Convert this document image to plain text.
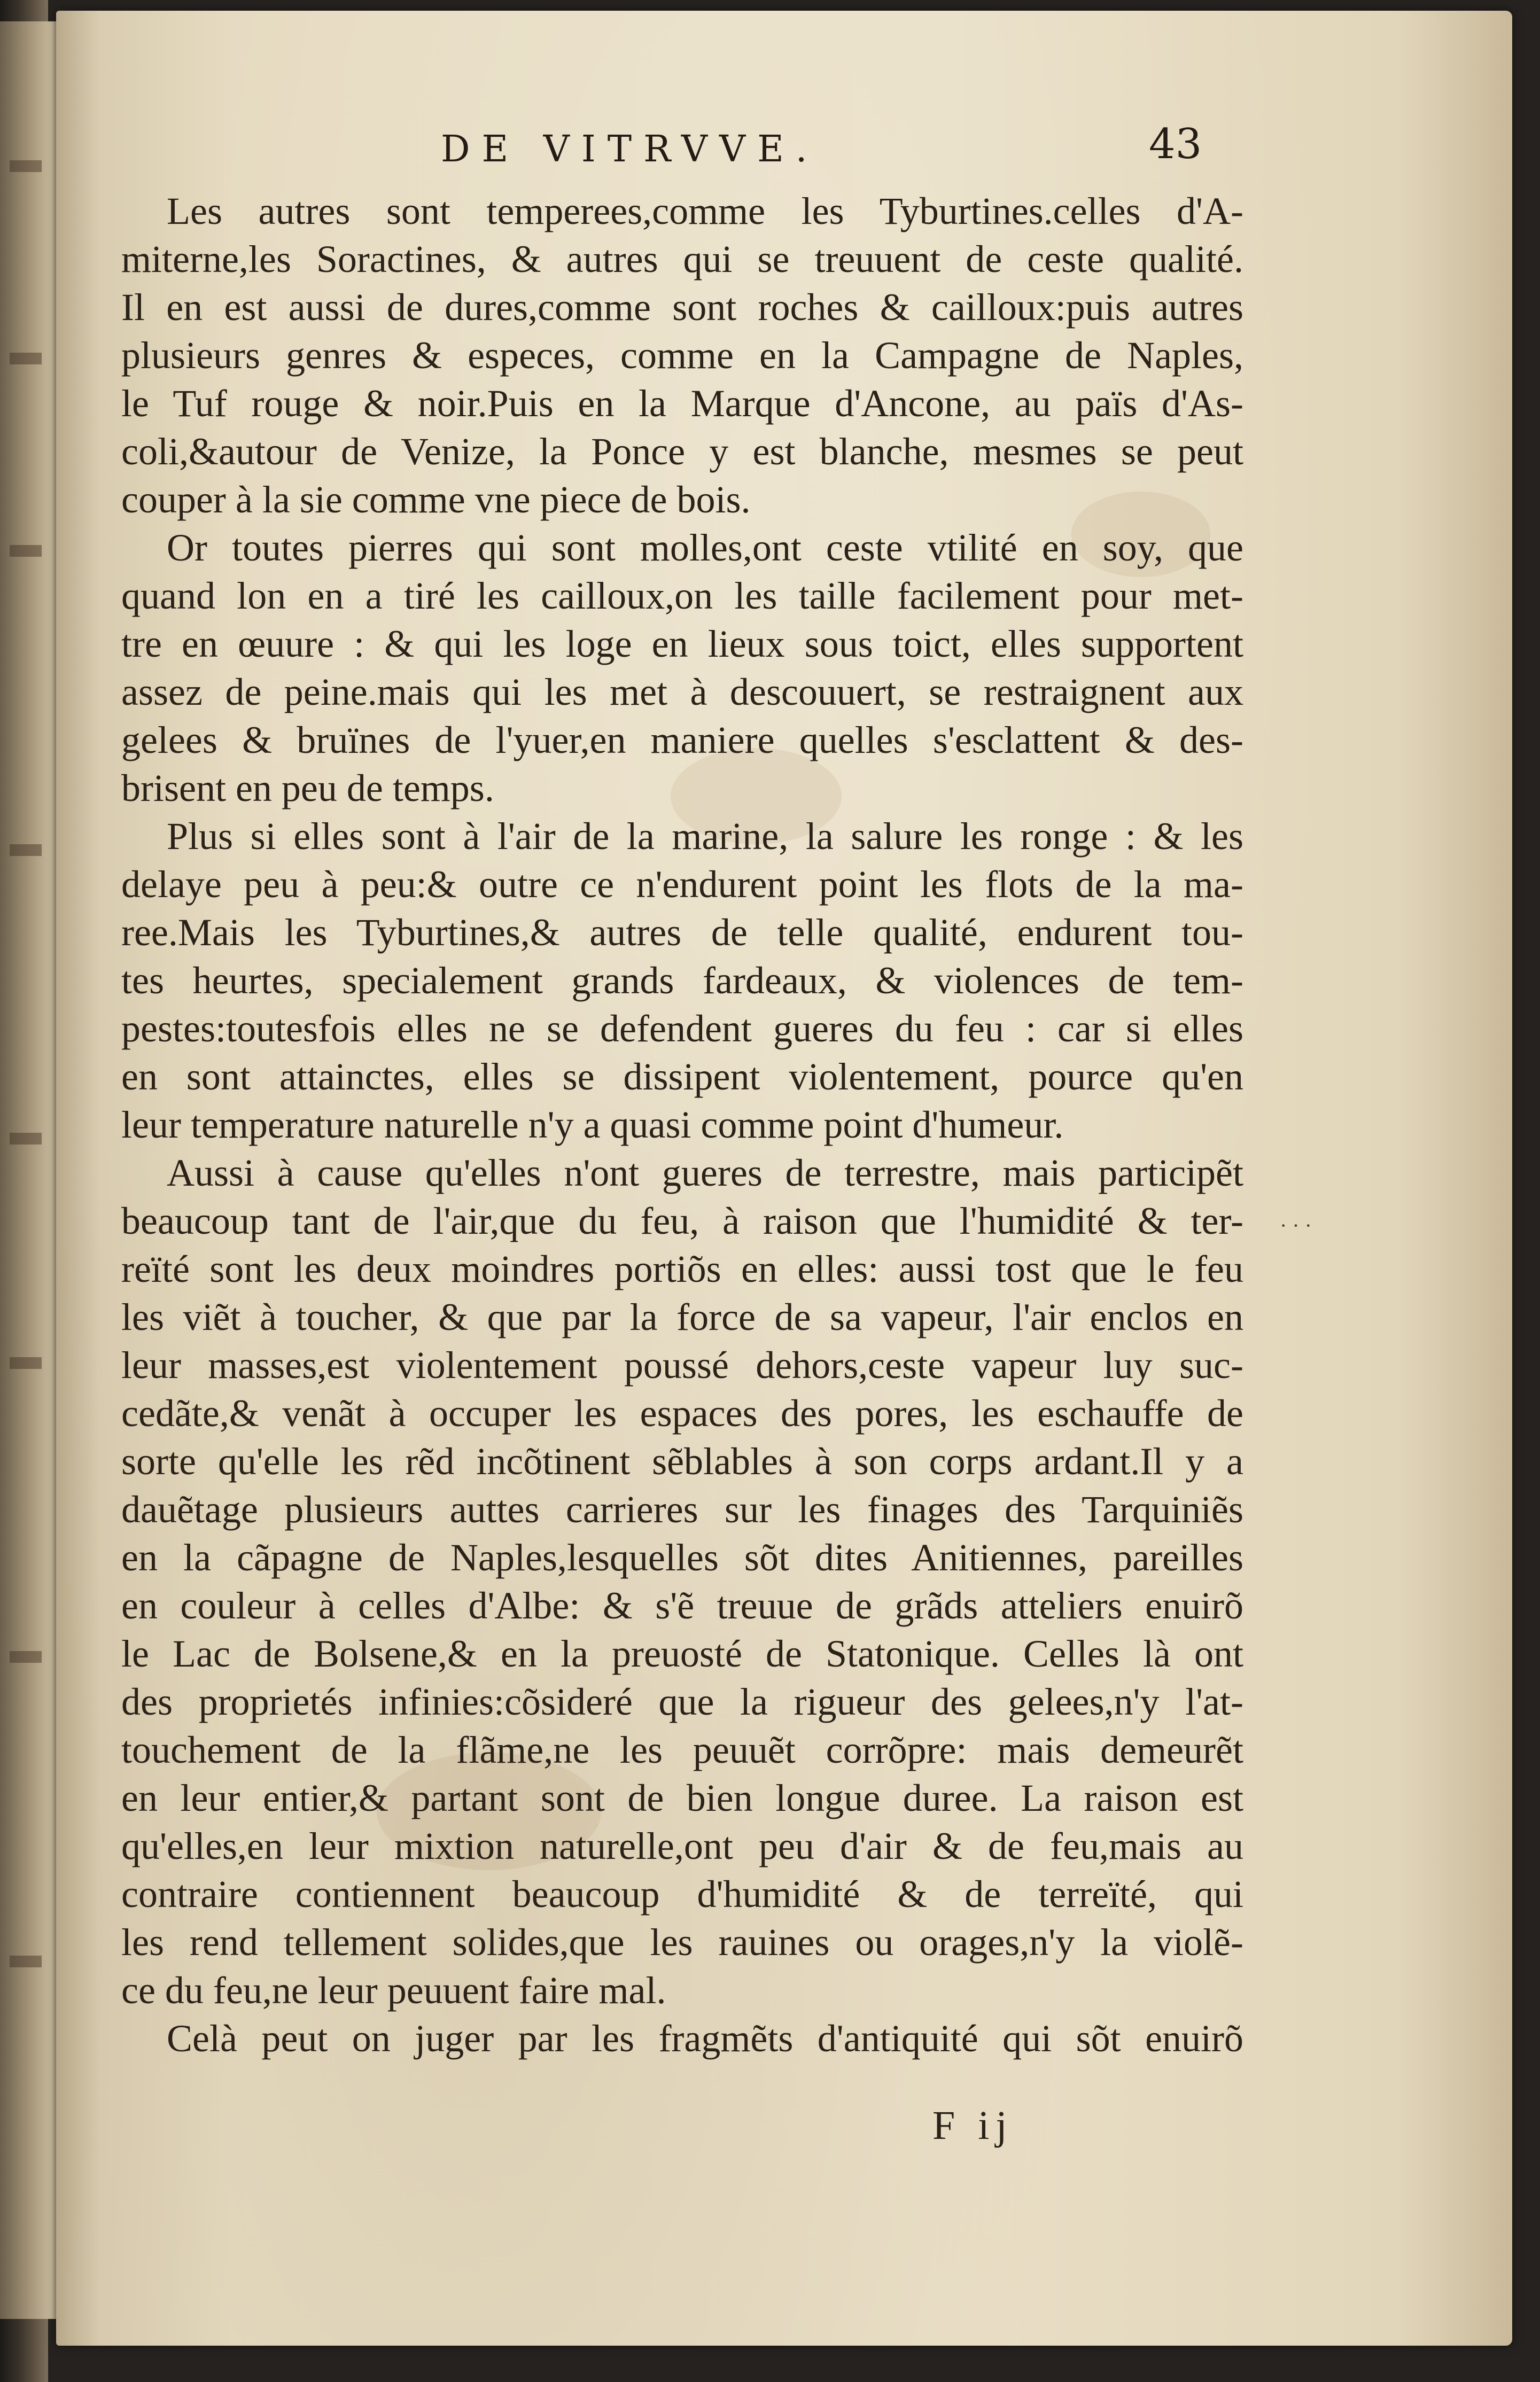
DE VITRVVE.	43
Les autres sont temperees,comme les Tyburtines.celles d'A-
miterne,les Soractines, & autres qui se treuuent de ceste qualité.
Il en est aussi de dures,comme sont roches & cailloux:puis autres
plusieurs genres & especes, comme en la Campagne de Naples,
le Tuf rouge & noir.Puis en la Marque d'Ancone, au païs d'As-
coli,&autour de Venize, la Ponce y est blanche, mesmes se peut
couper à la sie comme vne piece de bois.
Or toutes pierres qui sont molles,ont ceste vtilité en soy, que
quand lon en a tiré les cailloux,on les taille facilement pour met-
tre en œuure : & qui les loge en lieux sous toict, elles supportent
assez de peine.mais qui les met à descouuert, se restraignent aux
gelees & bruïnes de l'yuer,en maniere quelles s'esclattent & des-
brisent en peu de temps.
Plus si elles sont à l'air de la marine, la salure les ronge : & les
delaye peu à peu:& outre ce n'endurent point les flots de la ma-
ree.Mais les Tyburtines,& autres de telle qualité, endurent tou-
tes heurtes, specialement grands fardeaux, & violences de tem-
pestes:toutesfois elles ne se defendent gueres du feu : car si elles
en sont attainctes, elles se dissipent violentement, pource qu'en
leur temperature naturelle n'y a quasi comme point d'humeur.
Aussi à cause qu'elles n'ont gueres de terrestre, mais participẽt
beaucoup tant de l'air,que du feu, à raison que l'humidité & ter-
reïté sont les deux moindres portiõs en elles: aussi tost que le feu
les viẽt à toucher, & que par la force de sa vapeur, l'air enclos en
leur masses,est violentement poussé dehors,ceste vapeur luy suc-
cedãte,& venãt à occuper les espaces des pores, les eschauffe de
sorte qu'elle les rẽd incõtinent sẽblables à son corps ardant.Il y a
dauẽtage plusieurs auttes carrieres sur les finages des Tarquiniẽs
en la cãpagne de Naples,lesquelles sõt dites Anitiennes, pareilles
en couleur à celles d'Albe: & s'ẽ treuue de grãds atteliers enuirõ
le Lac de Bolsene,& en la preuosté de Statonique. Celles là ont
des proprietés infinies:cõsideré que la rigueur des gelees,n'y l'at-
touchement de la flãme,ne les peuuẽt corrõpre: mais demeurẽt
en leur entier,& partant sont de bien longue duree. La raison est
qu'elles,en leur mixtion naturelle,ont peu d'air & de feu,mais au
contraire contiennent beaucoup d'humidité & de terreïté, qui
les rend tellement solides,que les rauines ou orages,n'y la violẽ-
ce du feu,ne leur peuuent faire mal.
Celà peut on juger par les fragmẽts d'antiquité qui sõt enuirõ
F ij
· · ·
